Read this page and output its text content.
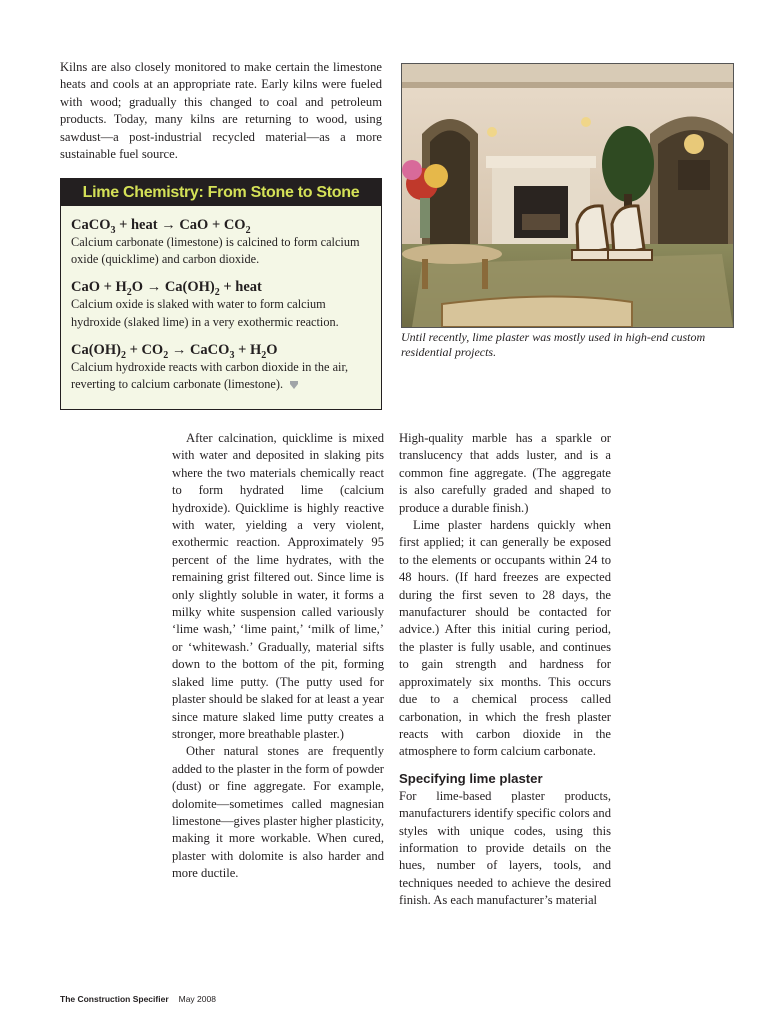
Kilns are also closely monitored to make certain the limestone heats and cools at an appropriate rate. Early kilns were fueled with wood; gradually this changed to coal and petroleum products. Today, many kilns are returning to wood, using sawdust—a post-industrial recycled material—as a more sustainable fuel source.

Lime Chemistry: From Stone to Stone

CaCO$_3$ + heat → CaO + $CO_2$

Calcium carbonate (limestone) is calcined to form calcium oxide (quicklime) and carbon dioxide.

CaO + $H_2O \to Ca(OH)_2$ + heat

Calcium oxide is slaked with water to form calcium hydroxide (slaked lime) in a very exothermic reaction.

$Ca(OH)_2 + CO_2$ → CaCO$_3$ + $H_2O$

Calcium hydroxide reacts with carbon dioxide in the air, reverting to calcium carbonate (limestone).

Until recently, lime plaster was mostly used in high-end custom residential projects.

After calcination, quicklime is mixed with water and deposited in slaking pits where the two materials chemically react to form hydrated lime (calcium hydroxide). Quicklime is highly reactive with water, yielding a very violent, exothermic reaction. Approximately 95 percent of the lime hydrates, with the remaining grist filtered out. Since lime is only slightly soluble in water, it forms a milky white suspension called variously ‘lime wash,’ ‘lime paint,’ ‘milk of lime,’ or ‘whitewash.’ Gradually, material sifts down to the bottom of the pit, forming slaked lime putty. (The putty used for plaster should be slaked for at least a year since mature slaked lime putty creates a stronger, more breathable plaster.)

Other natural stones are frequently added to the plaster in the form of powder (dust) or fine aggregate. For example, dolomite—sometimes called magnesian limestone—gives plaster higher plasticity, making it more workable. When cured, plaster with dolomite is also harder and more ductile.

High-quality marble has a sparkle or translucency that adds luster, and is a common fine aggregate. (The aggregate is also carefully graded and shaped to produce a durable finish.)

Lime plaster hardens quickly when first applied; it can generally be exposed to the elements or occupants within 24 to 48 hours. (If hard freezes are expected during the first seven to 28 days, the manufacturer should be contacted for advice.) After this initial curing period, the plaster is fully usable, and continues to gain strength and hardness for approximately six months. This occurs due to a chemical process called carbonation, in which the fresh plaster reacts with carbon dioxide in the atmosphere to form calcium carbonate.

Specifying lime plaster

For lime-based plaster products, manufacturers identify specific colors and styles with unique codes, using this information to provide details on the hues, number of layers, tools, and techniques needed to achieve the desired finish. As each manufacturer’s material

The Construction Specifier May 2008
